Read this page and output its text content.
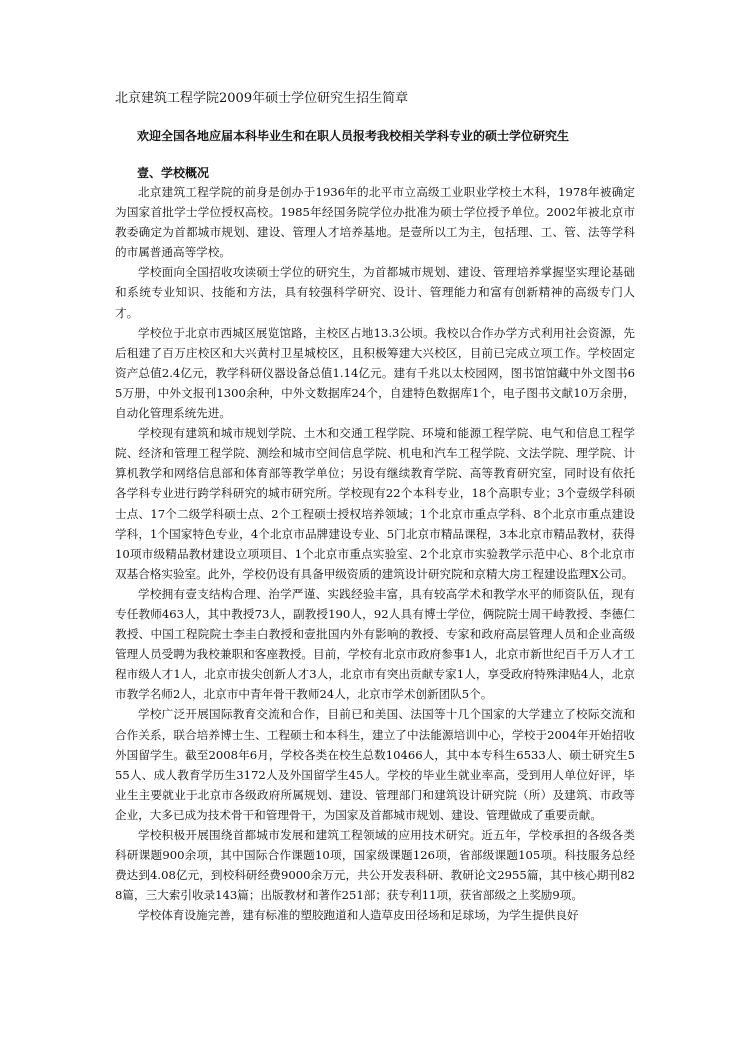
北京建筑工程学院2009年硕士学位研究生招生简章
欢迎全国各地应届本科毕业生和在职人员报考我校相关学科专业的硕士学位研究生
壹、学校概况

北京建筑工程学院的前身是创办于1936年的北平市立高级工业职业学校土木科，1978年被确定为国家首批学士学位授权高校。1985年经国务院学位办批准为硕士学位授予单位。2002年被北京市教委确定为首都城市规划、建设、管理人才培养基地。是壹所以工为主，包括理、工、管、法等学科的市属普通高等学校。

学校面向全国招收攻读硕士学位的研究生，为首都城市规划、建设、管理培养掌握坚实理论基础和系统专业知识、技能和方法，具有较强科学研究、设计、管理能力和富有创新精神的高级专门人才。

学校位于北京市西城区展览馆路，主校区占地13.3公顷。我校以合作办学方式利用社会资源，先后租建了百万庄校区和大兴黄村卫星城校区，且积极筹建大兴校区，目前已完成立项工作。学校固定资产总值2.4亿元，教学科研仪器设备总值1.14亿元。建有千兆以太校园网，图书馆馆藏中外文图书65万册，中外文报刊1300余种，中外文数据库24个，自建特色数据库1个，电子图书文献10万余册，自动化管理系统先进。

学校现有建筑和城市规划学院、土木和交通工程学院、环境和能源工程学院、电气和信息工程学院、经济和管理工程学院、测绘和城市空间信息学院、机电和汽车工程学院、文法学院、理学院、计算机教学和网络信息部和体育部等教学单位；另设有继续教育学院、高等教育研究室，同时设有依托各学科专业进行跨学科研究的城市研究所。学校现有22个本科专业，18个高职专业；3个壹级学科硕士点、17个二级学科硕士点、2个工程硕士授权培养领域；1个北京市重点学科、8个北京市重点建设学科，1个国家特色专业，4个北京市品牌建设专业、5门北京市精品课程，3本北京市精品教材，获得10项市级精品教材建设立项项目、1个北京市重点实验室、2个北京市实验教学示范中心、8个北京市双基合格实验室。此外，学校仍设有具备甲级资质的建筑设计研究院和京精大房工程建设监理X公司。

学校拥有壹支结构合理、治学严谨、实践经验丰富，具有较高学术和教学水平的师资队伍，现有专任教师463人，其中教授73人，副教授190人，92人具有博士学位，俩院院士周干峙教授、李德仁教授、中国工程院院士李圭白教授和壹批国内外有影响的教授、专家和政府高层管理人员和企业高级管理人员受聘为我校兼职和客座教授。目前，学校有北京市政府参事1人，北京市新世纪百千万人才工程市级人才1人，北京市拔尖创新人才3人，北京市有突出贡献专家1人，享受政府特殊津贴4人，北京市教学名师2人，北京市中青年骨干教师24人，北京市学术创新团队5个。

学校广泛开展国际教育交流和合作，目前已和美国、法国等十几个国家的大学建立了校际交流和合作关系，联合培养博士生、工程硕士和本科生，建立了中法能源培训中心，学校于2004年开始招收外国留学生。截至2008年6月，学校各类在校生总数10466人，其中本专科生6533人、硕士研究生555人、成人教育学历生3172人及外国留学生45人。学校的毕业生就业率高，受到用人单位好评，毕业生主要就业于北京市各级政府所属规划、建设、管理部门和建筑设计研究院（所）及建筑、市政等企业，大多已成为技术骨干和管理骨干，为国家及首都城市规划、建设、管理做成了重要贡献。

学校积极开展围绕首都城市发展和建筑工程领域的应用技术研究。近五年，学校承担的各级各类科研课题900余项，其中国际合作课题10项，国家级课题126项，省部级课题105项。科技服务总经费达到4.08亿元，到校科研经费9000余万元，共公开发表科研、教研论文2955篇，其中核心期刊828篇，三大索引收录143篇；出版教材和著作251部；获专利11项，获省部级之上奖励9项。

学校体育设施完善，建有标准的塑胶跑道和人造草皮田径场和足球场，为学生提供良好
